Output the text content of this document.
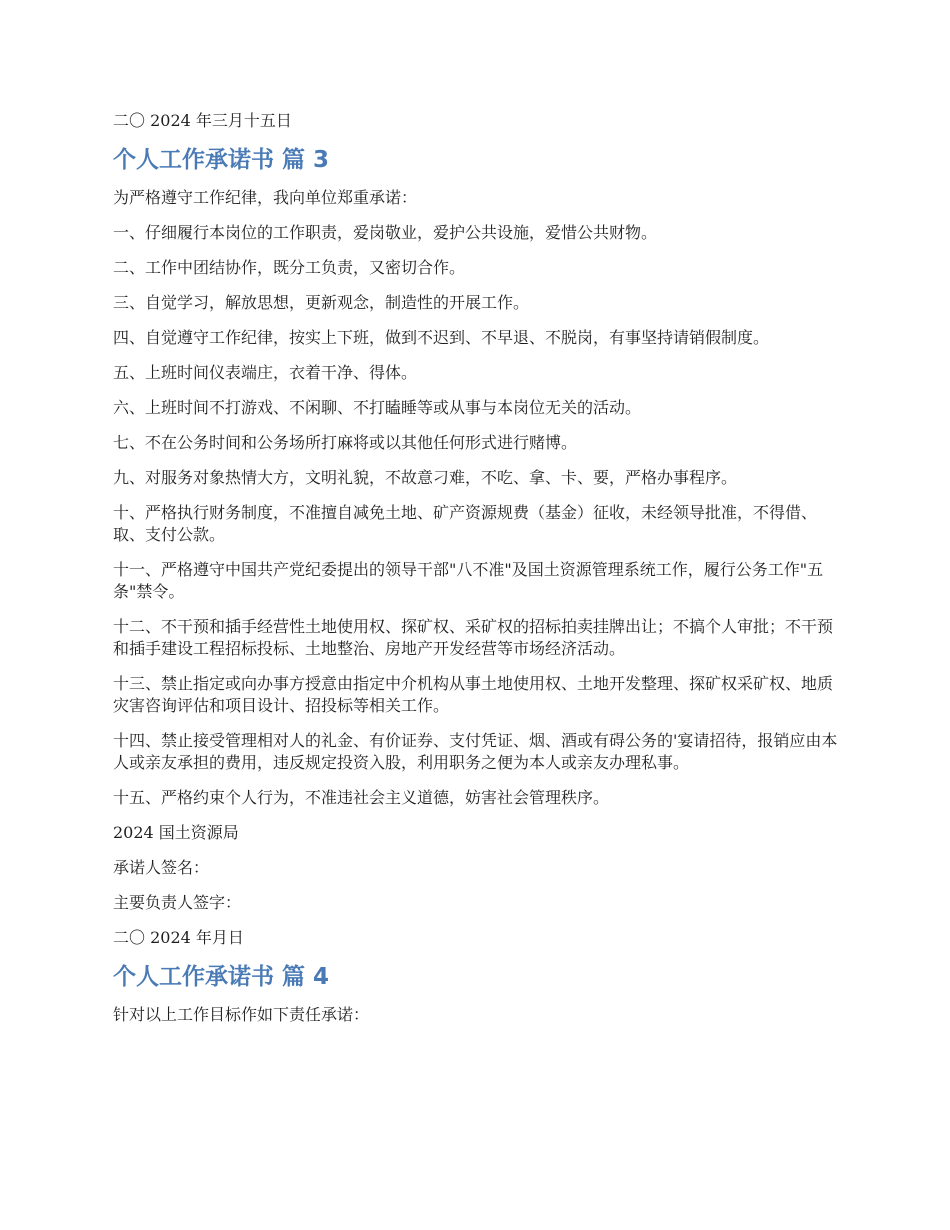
二〇 2024 年三月十五日

个人工作承诺书 篇 3

为严格遵守工作纪律，我向单位郑重承诺：

一、仔细履行本岗位的工作职责，爱岗敬业，爱护公共设施，爱惜公共财物。

二、工作中团结协作，既分工负责，又密切合作。

三、自觉学习，解放思想，更新观念，制造性的开展工作。

四、自觉遵守工作纪律，按实上下班，做到不迟到、不早退、不脱岗，有事坚持请销假制度。

五、上班时间仪表端庄，衣着干净、得体。

六、上班时间不打游戏、不闲聊、不打瞌睡等或从事与本岗位无关的活动。

七、不在公务时间和公务场所打麻将或以其他任何形式进行赌博。

九、对服务对象热情大方，文明礼貌，不故意刁难，不吃、拿、卡、要，严格办事程序。

十、严格执行财务制度，不准擅自减免土地、矿产资源规费（基金）征收，未经领导批准，不得借、取、支付公款。

十一、严格遵守中国共产党纪委提出的领导干部"八不准"及国土资源管理系统工作，履行公务工作"五条"禁令。

十二、不干预和插手经营性土地使用权、探矿权、采矿权的招标拍卖挂牌出让；不搞个人审批；不干预和插手建设工程招标投标、土地整治、房地产开发经营等市场经济活动。

十三、禁止指定或向办事方授意由指定中介机构从事土地使用权、土地开发整理、探矿权采矿权、地质灾害咨询评估和项目设计、招投标等相关工作。

十四、禁止接受管理相对人的礼金、有价证券、支付凭证、烟、酒或有碍公务的'宴请招待，报销应由本人或亲友承担的费用，违反规定投资入股，利用职务之便为本人或亲友办理私事。

十五、严格约束个人行为，不准违社会主义道德，妨害社会管理秩序。

2024 国土资源局

承诺人签名：

主要负责人签字：

二〇 2024 年月日

个人工作承诺书 篇 4

针对以上工作目标作如下责任承诺：
